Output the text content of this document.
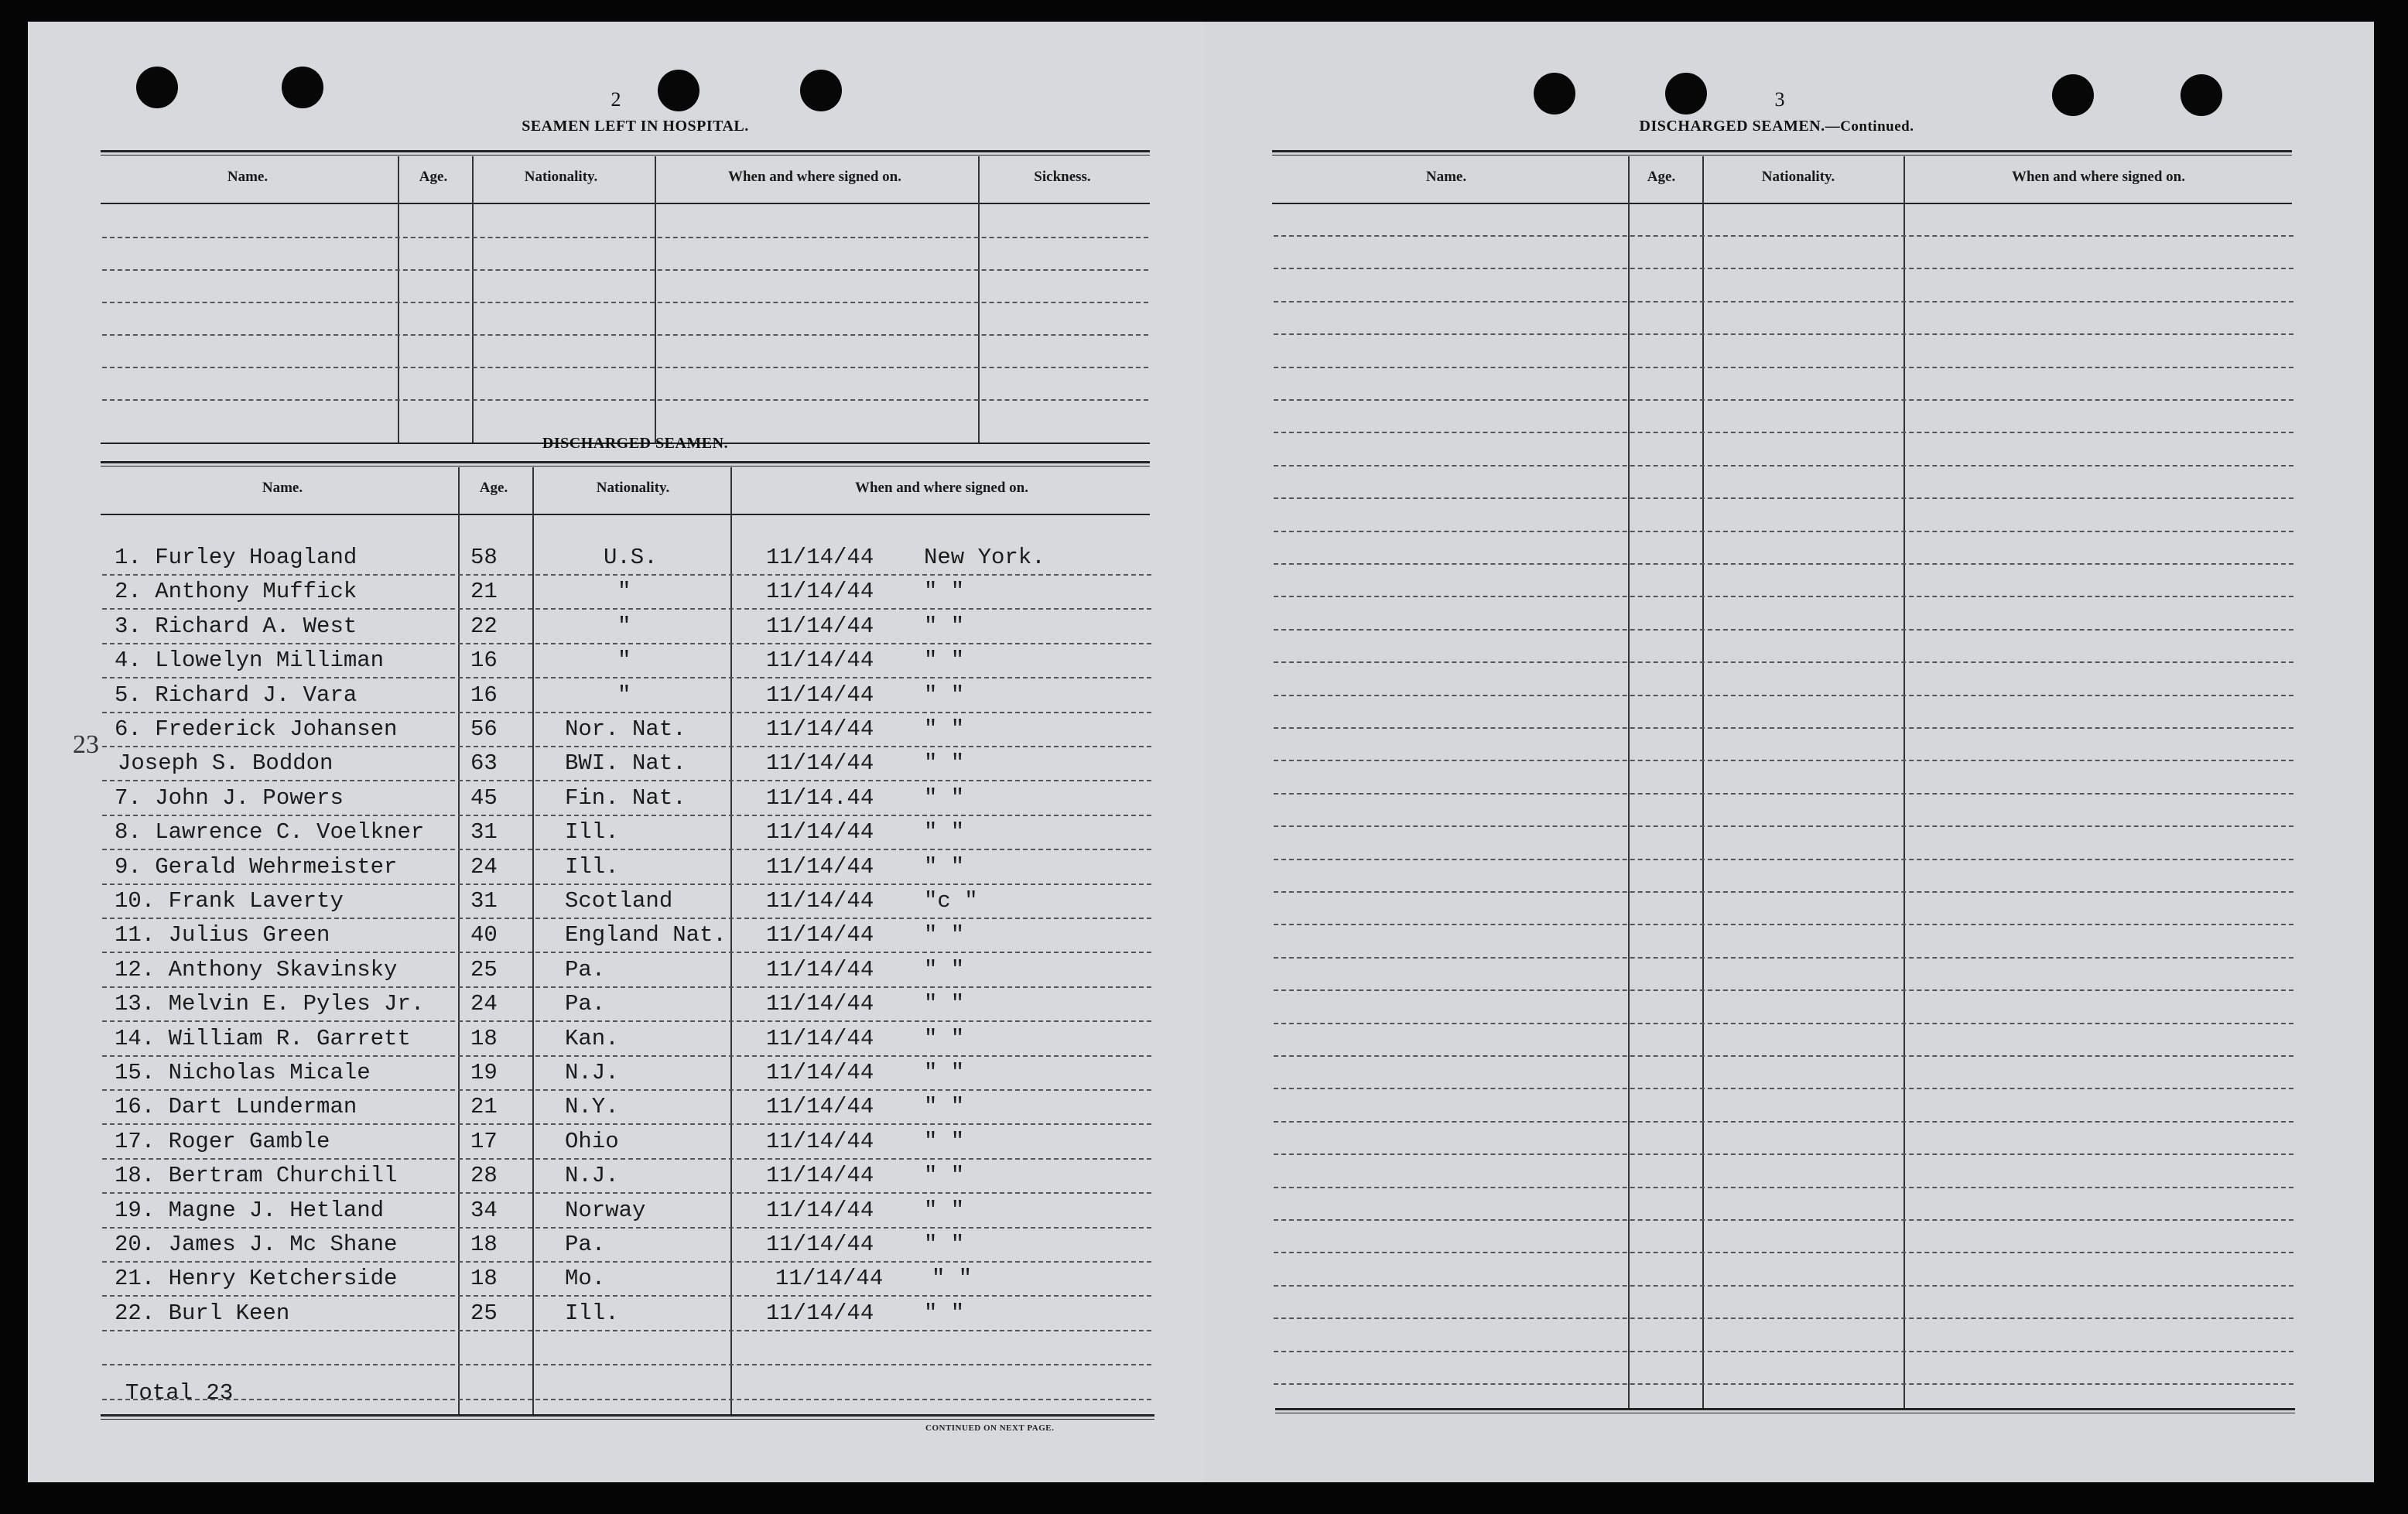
2
SEAMEN LEFT IN HOSPITAL.
Name.	Age.	Nationality.	When and where signed on.	Sickness.
DISCHARGED SEAMEN.
Name.	Age.	Nationality.	When and where signed on.
1. Furley Hoagland	58	U.S.	11/14/44 New York.
2. Anthony Muffick	21	"	11/14/44 " "
3. Richard A. West	22	"	11/14/44 " "
4. Llowelyn Milliman	16	"	11/14/44 " "
5. Richard J. Vara	16	"	11/14/44 " "
6. Frederick Johansen	56	Nor. Nat.	11/14/44 " "
Joseph S. Boddon	63	BWI. Nat.	11/14/44 " "
7. John J. Powers	45	Fin. Nat.	11/14.44 " "
8. Lawrence C. Voelkner 31	Ill.	11/14/44 " "
9. Gerald Wehrmeister	24	Ill.	11/14/44 " "
10. Frank Laverty	31	Scotland	11/14/44 "c "
11. Julius Green	40	England Nat. 11/14/44 " "
12. Anthony Skavinsky	25	Pa.	11/14/44 " "
13. Melvin E. Pyles Jr. 24	Pa.	11/14/44 " "
14. William R. Garrett	18	Kan.	11/14/44 " "
15. Nicholas Micale	19	N.J.	11/14/44 " "
16. Dart Lunderman	21	N.Y.	11/14/44 " "
17. Roger Gamble	17	Ohio	11/14/44 " "
18. Bertram Churchill	28	N.J.	11/14/44 " "
19. Magne J. Hetland	34	Norway	11/14/44 " "
20. James J. Mc Shane	18	Pa.	11/14/44 " "
21. Henry Ketcherside	18	Mo.	11/14/44 " "
22. Burl Keen	25	Ill.	11/14/44 " "
23
Total 23
CONTINUED ON NEXT PAGE.
3
DISCHARGED SEAMEN.—Continued.
Name.	Age.	Nationality.	When and where signed on.
